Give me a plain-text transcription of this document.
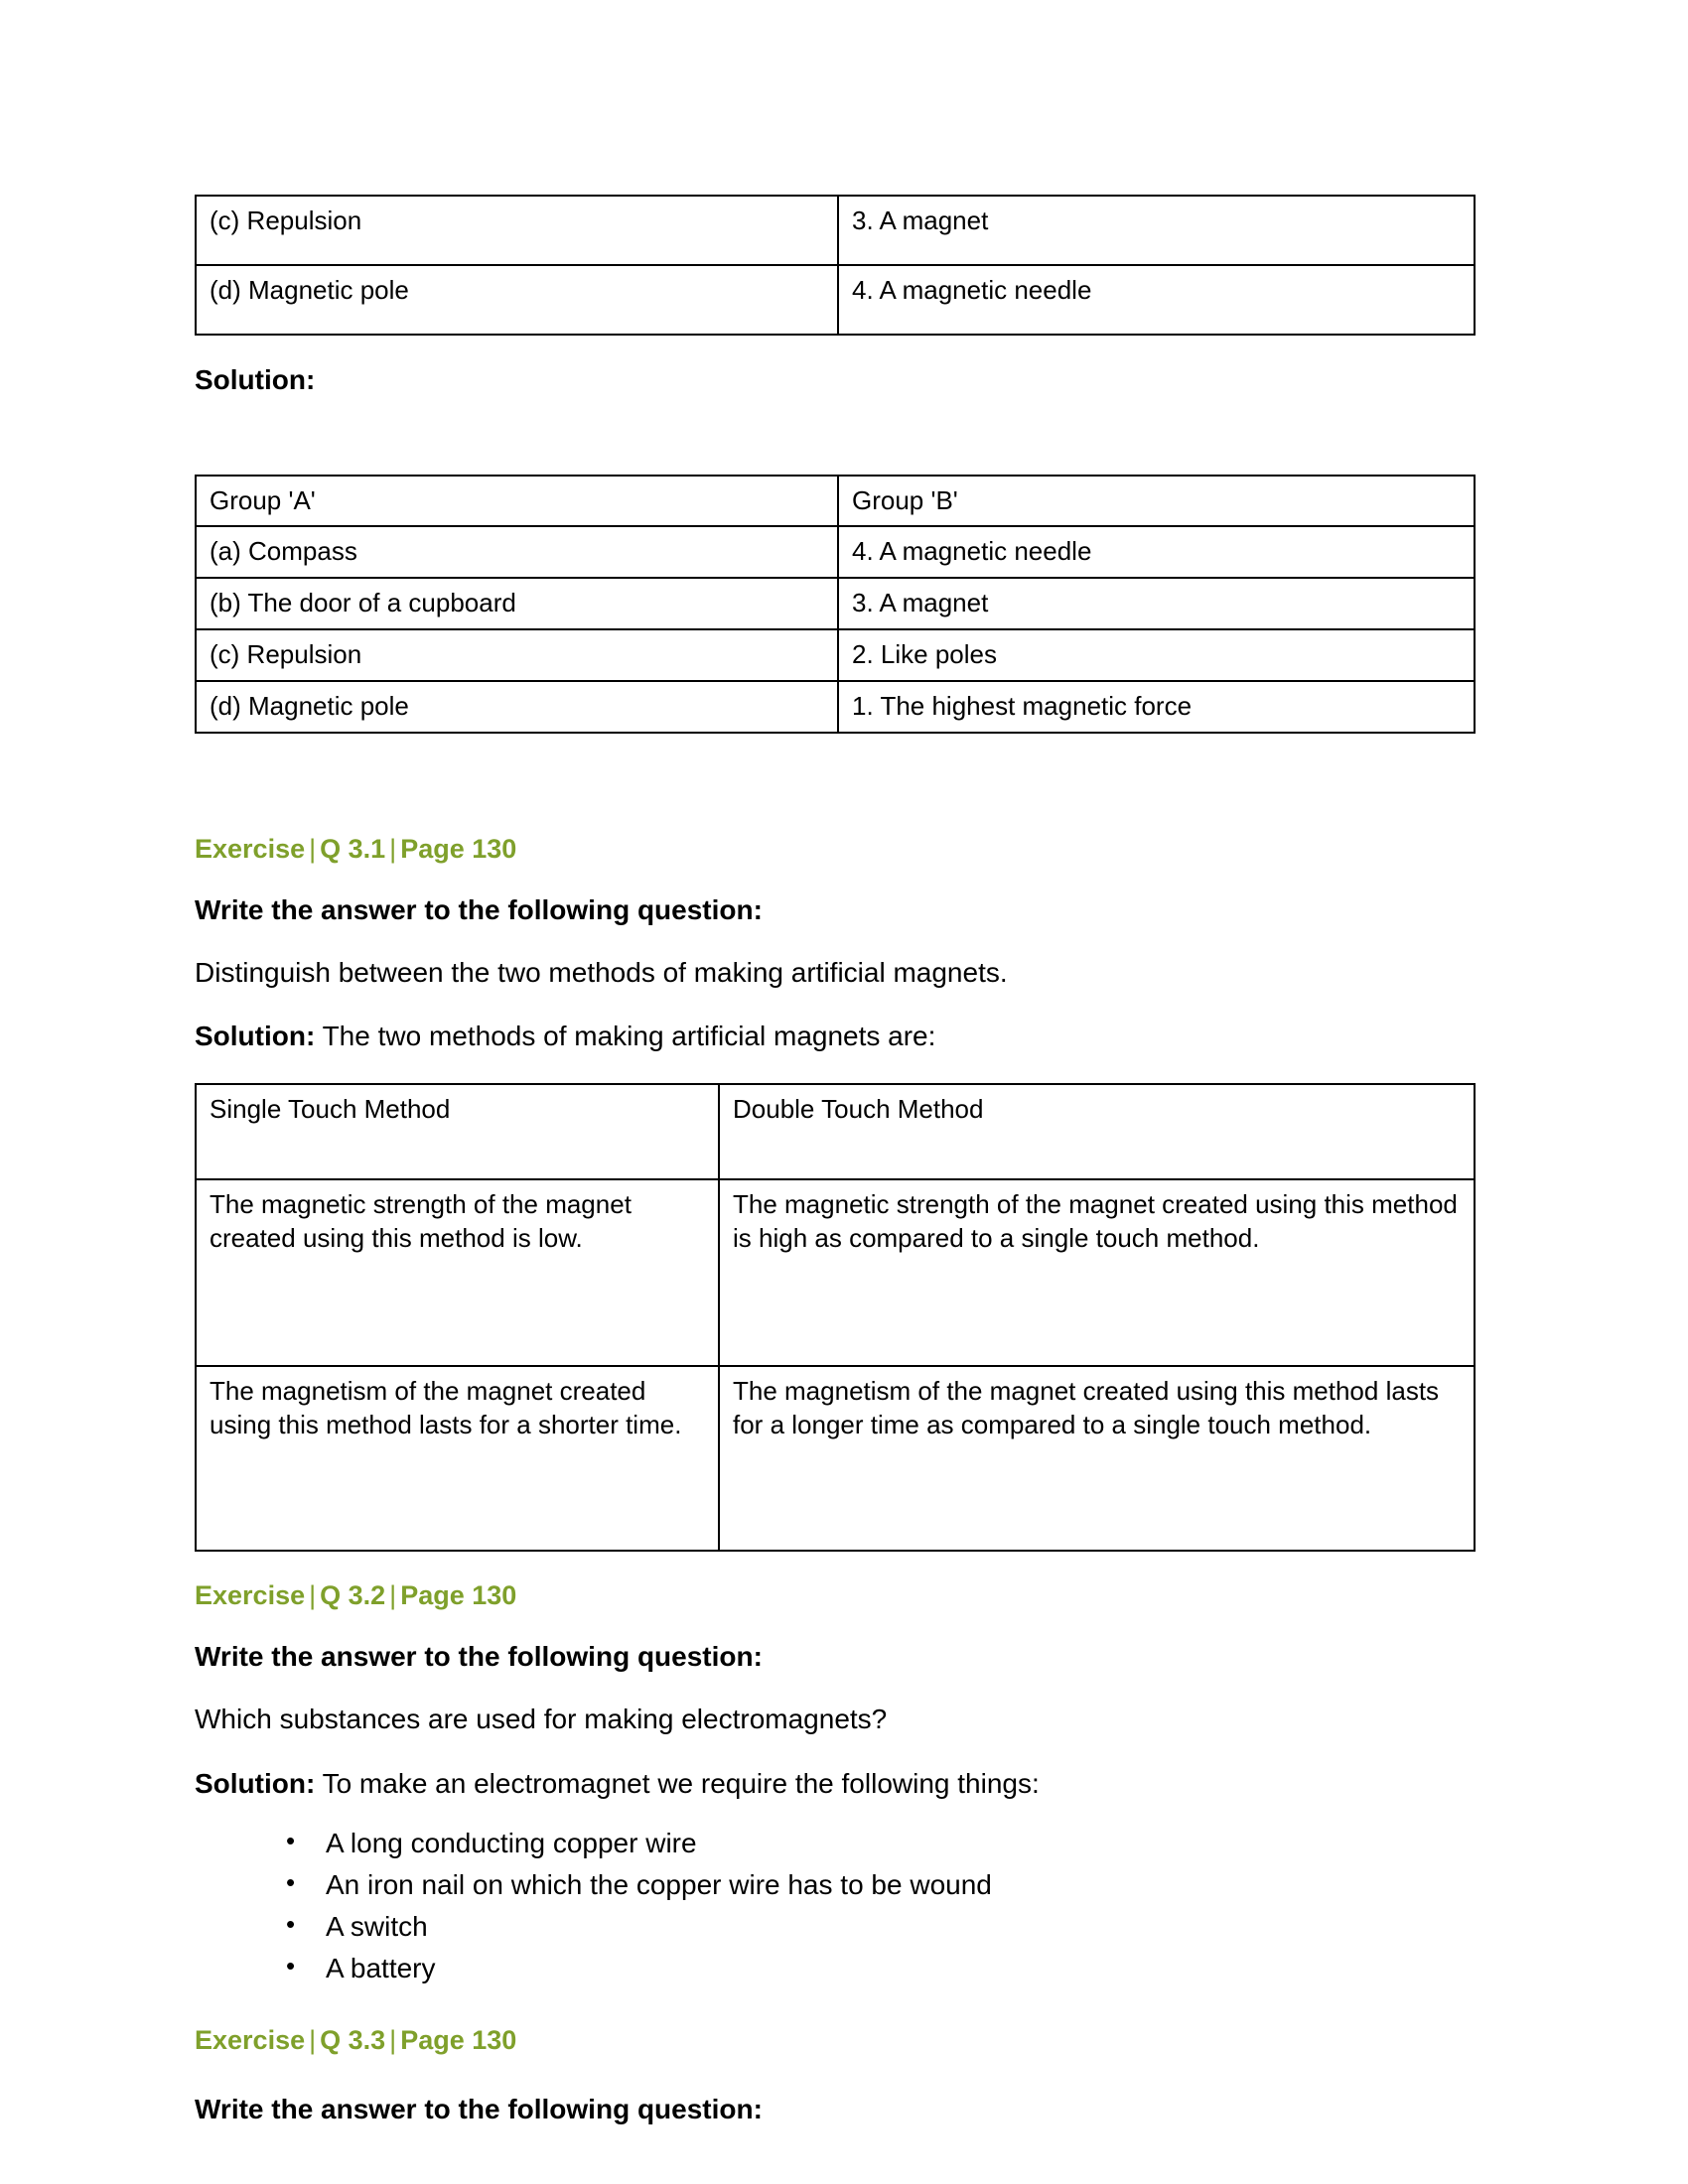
(c) Repulsion	3. A magnet
(d) Magnetic pole	4. A magnetic needle
Solution:
Group 'A'	Group 'B'
(a) Compass	4. A magnetic needle
(b) The door of a cupboard	3. A magnet
(c) Repulsion	2. Like poles
(d) Magnetic pole	1. The highest magnetic force
Exercise | Q 3.1 | Page 130
Write the answer to the following question:
Distinguish between the two methods of making artificial magnets.
Solution: The two methods of making artificial magnets are:
Single Touch Method	Double Touch Method
The magnetic strength of the magnet created using this method is low.	The magnetic strength of the magnet created using this method is high as compared to a single touch method.
The magnetism of the magnet created using this method lasts for a shorter time.	The magnetism of the magnet created using this method lasts for a longer time as compared to a single touch method.
Exercise | Q 3.2 | Page 130
Write the answer to the following question:
Which substances are used for making electromagnets?
Solution: To make an electromagnet we require the following things:
• A long conducting copper wire
• An iron nail on which the copper wire has to be wound
• A switch
• A battery
Exercise | Q 3.3 | Page 130
Write the answer to the following question:
